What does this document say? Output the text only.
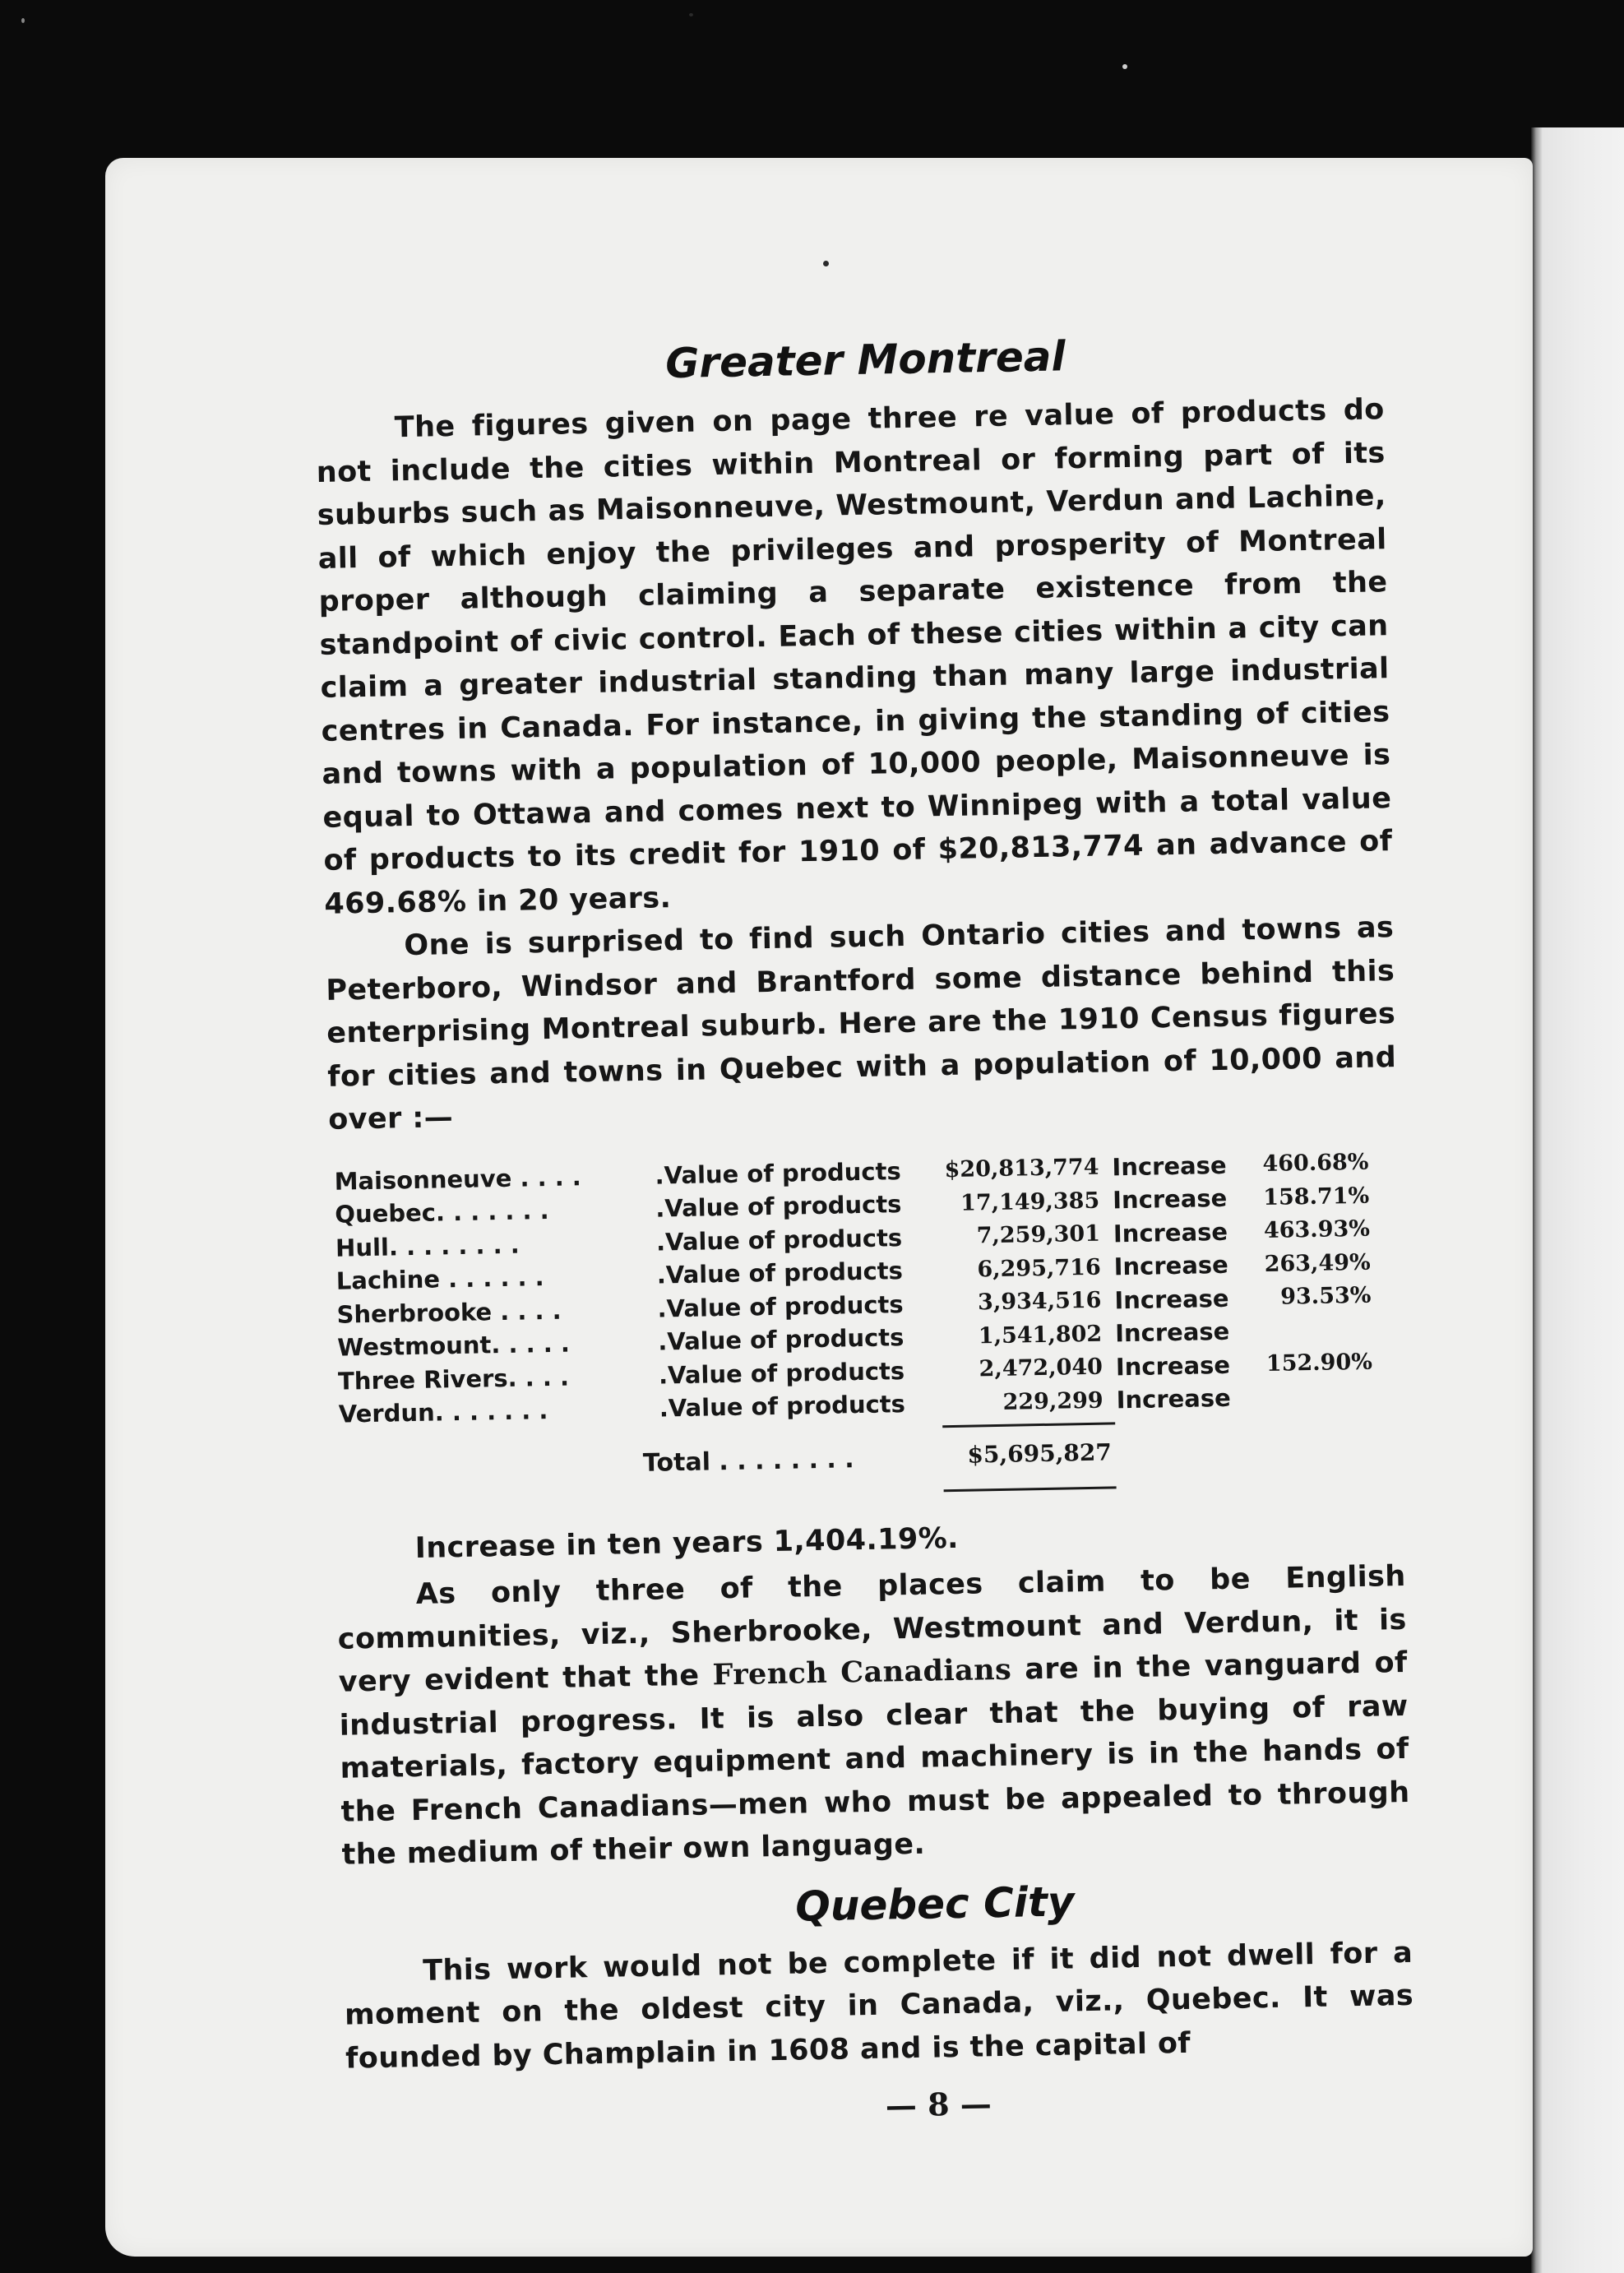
Greater Montreal

The figures given on page three re value of products do not include the cities within Montreal or forming part of its suburbs such as Maisonneuve, Westmount, Verdun and Lachine, all of which enjoy the privileges and prosperity of Montreal proper although claiming a separate existence from the standpoint of civic control. Each of these cities within a city can claim a greater industrial standing than many large industrial centres in Canada. For instance, in giving the standing of cities and towns with a population of 10,000 people, Maisonneuve is equal to Ottawa and comes next to Winnipeg with a total value of products to its credit for 1910 of $20,813,774 an advance of 469.68% in 20 years.

One is surprised to find such Ontario cities and towns as Peterboro, Windsor and Brantford some distance behind this enterprising Montreal suburb. Here are the 1910 Census figures for cities and towns in Quebec with a population of 10,000 and over :—

Maisonneuve . . . .	.Value of products	$20,813,774	Increase	460.68%
Quebec. . . . . . .	.Value of products	17,149,385	Increase	158.71%
Hull. . . . . . . .	.Value of products	7,259,301	Increase	463.93%
Lachine . . . . . .	.Value of products	6,295,716	Increase	263,49%
Sherbrooke . . . .	.Value of products	3,934,516	Increase	93.53%
Westmount. . . . .	.Value of products	1,541,802	Increase	
Three Rivers. . . .	.Value of products	2,472,040	Increase	152.90%
Verdun. . . . . . .	.Value of products	229,299	Increase	
Total . . . . . . . .	$5,695,827

Increase in ten years 1,404.19%.

As only three of the places claim to be English communities, viz., Sherbrooke, Westmount and Verdun, it is very evident that the French Canadians are in the vanguard of industrial progress. It is also clear that the buying of raw materials, factory equipment and machinery is in the hands of the French Canadians—men who must be appealed to through the medium of their own language.

Quebec City

This work would not be complete if it did not dwell for a moment on the oldest city in Canada, viz., Quebec. It was founded by Champlain in 1608 and is the capital of

— 8 —
